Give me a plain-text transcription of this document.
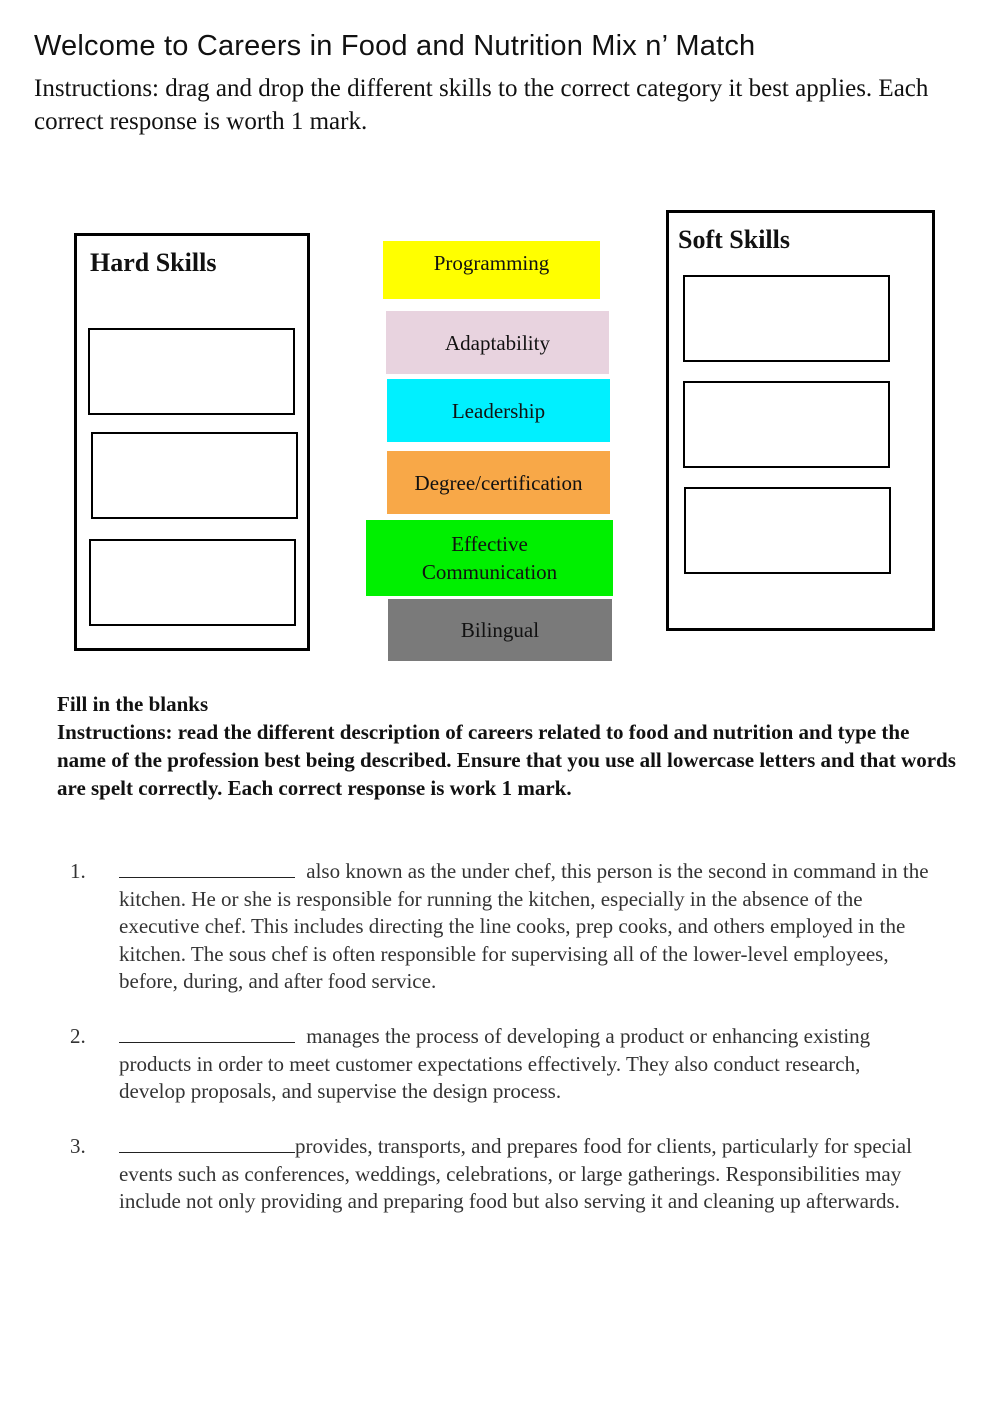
Welcome to Careers in Food and Nutrition Mix n’ Match
Instructions: drag and drop the different skills to the correct category it best applies. Each correct response is worth 1 mark.
Hard Skills
Soft Skills
Programming
Adaptability
Leadership
Degree/certification
Effective Communication
Bilingual
Fill in the blanks
Instructions: read the different description of careers related to food and nutrition and type the name of the profession best being described. Ensure that you use all lowercase letters and that words are spelt correctly. Each correct response is work 1 mark.
1.	also known as the under chef, this person is the second in command in the kitchen. He or she is responsible for running the kitchen, especially in the absence of the executive chef. This includes directing the line cooks, prep cooks, and others employed in the kitchen. The sous chef is often responsible for supervising all of the lower-level employees, before, during, and after food service.
2.	manages the process of developing a product or enhancing existing products in order to meet customer expectations effectively. They also conduct research, develop proposals, and supervise the design process.
3.	provides, transports, and prepares food for clients, particularly for special events such as conferences, weddings, celebrations, or large gatherings. Responsibilities may include not only providing and preparing food but also serving it and cleaning up afterwards.
